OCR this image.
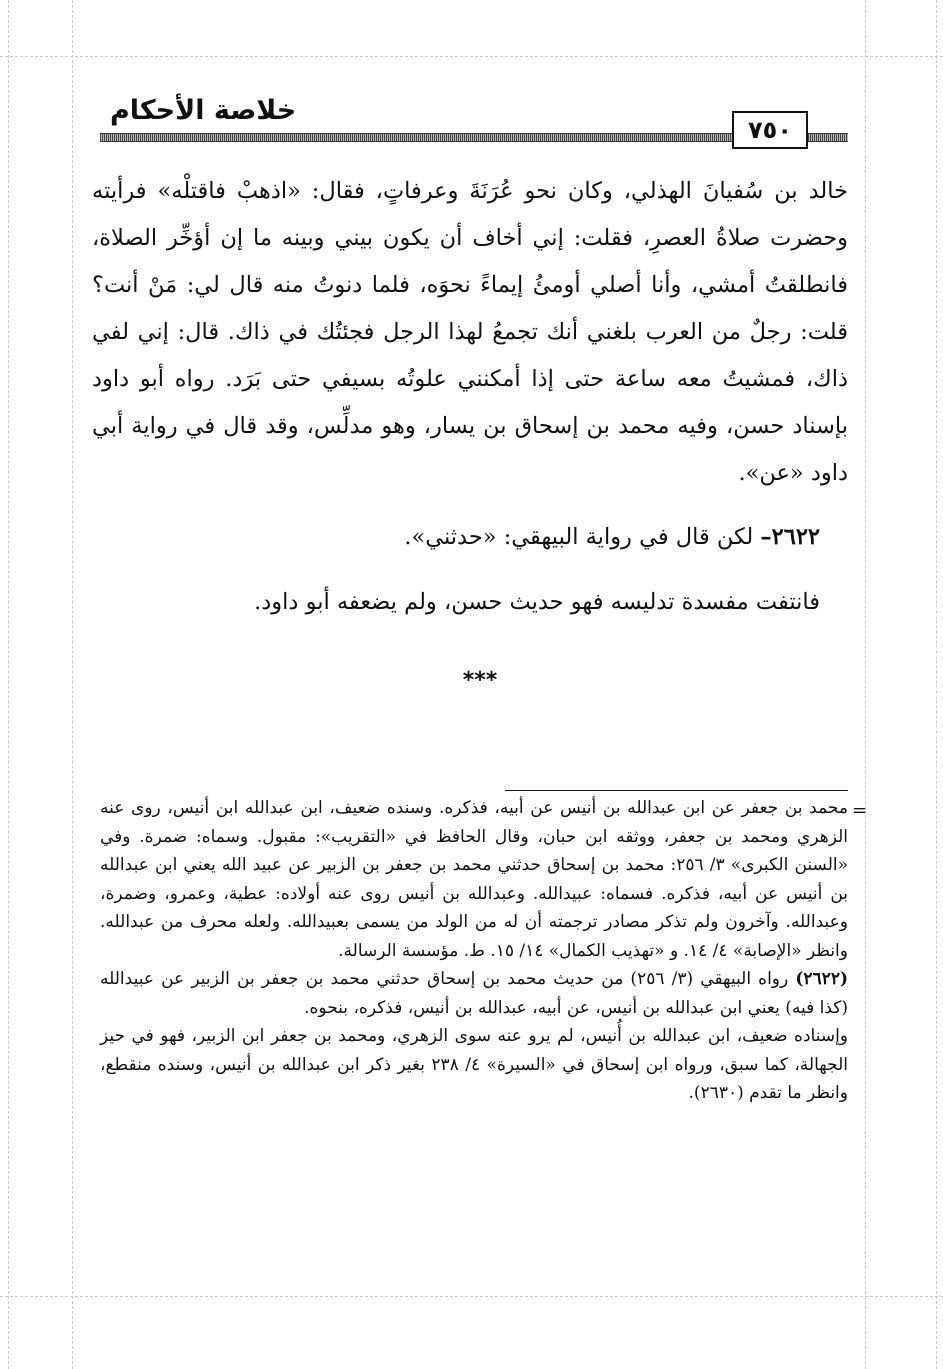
خلاصة الأحكام
٧٥٠

خالد بن سُفيانَ الهذلي، وكان نحو عُرَنَةَ وعرفاتٍ، فقال: «اذهبْ فاقتلْه» فرأيته وحضرت صلاةُ العصرِ، فقلت: إني أخاف أن يكون بيني وبينه ما إن أؤخِّر الصلاة، فانطلقتُ أمشي، وأنا أصلي أومئُ إيماءً نحوَه، فلما دنوتُ منه قال لي: مَنْ أنت؟ قلت: رجلٌ من العرب بلغني أنك تجمعُ لهذا الرجل فجئتُك في ذاك. قال: إني لفي ذاك، فمشيتُ معه ساعة حتى إذا أمكنني علوتُه بسيفي حتى بَرَد. رواه أبو داود بإسناد حسن، وفيه محمد بن إسحاق بن يسار، وهو مدلِّس، وقد قال في رواية أبي داود «عن».

٢٦٢٢– لكن قال في رواية البيهقي: «حدثني».
فانتفت مفسدة تدليسه فهو حديث حسن، ولم يضعفه أبو داود.
***
=

محمد بن جعفر عن ابن عبدالله بن أنيس عن أبيه، فذكره. وسنده ضعيف، ابن عبدالله ابن أنيس، روى عنه الزهري ومحمد بن جعفر، ووثقه ابن حبان، وقال الحافظ في «التقريب»: مقبول. وسماه: ضمرة. وفي «السنن الكبرى» ٣/ ٢٥٦: محمد بن إسحاق حدثني محمد بن جعفر بن الزبير عن عبيد الله يعني ابن عبدالله بن أنيس عن أبيه، فذكره. فسماه: عبيدالله. وعبدالله بن أنيس روى عنه أولاده: عطية، وعمرو، وضمرة، وعبدالله. وآخرون ولم تذكر مصادر ترجمته أن له من الولد من يسمى بعبيدالله. ولعله محرف من عبدالله. وانظر «الإصابة» ٤/ ١٤. و «تهذيب الكمال» ١٤/ ١٥. ط. مؤسسة الرسالة.

(٢٦٢٢) رواه البيهقي (٣/ ٢٥٦) من حديث محمد بن إسحاق حدثني محمد بن جعفر بن الزبير عن عبيدالله (كذا فيه) يعني ابن عبدالله بن أنيس، عن أبيه، عبدالله بن أنيس، فذكره، بنحوه.

وإسناده ضعيف، ابن عبدالله بن أُنيس، لم يرو عنه سوى الزهري، ومحمد بن جعفر ابن الزبير، فهو في حيز الجهالة، كما سبق، ورواه ابن إسحاق في «السيرة» ٤/ ٢٣٨ بغير ذكر ابن عبدالله بن أنيس، وسنده منقطع، وانظر ما تقدم (٢٦٣٠).
